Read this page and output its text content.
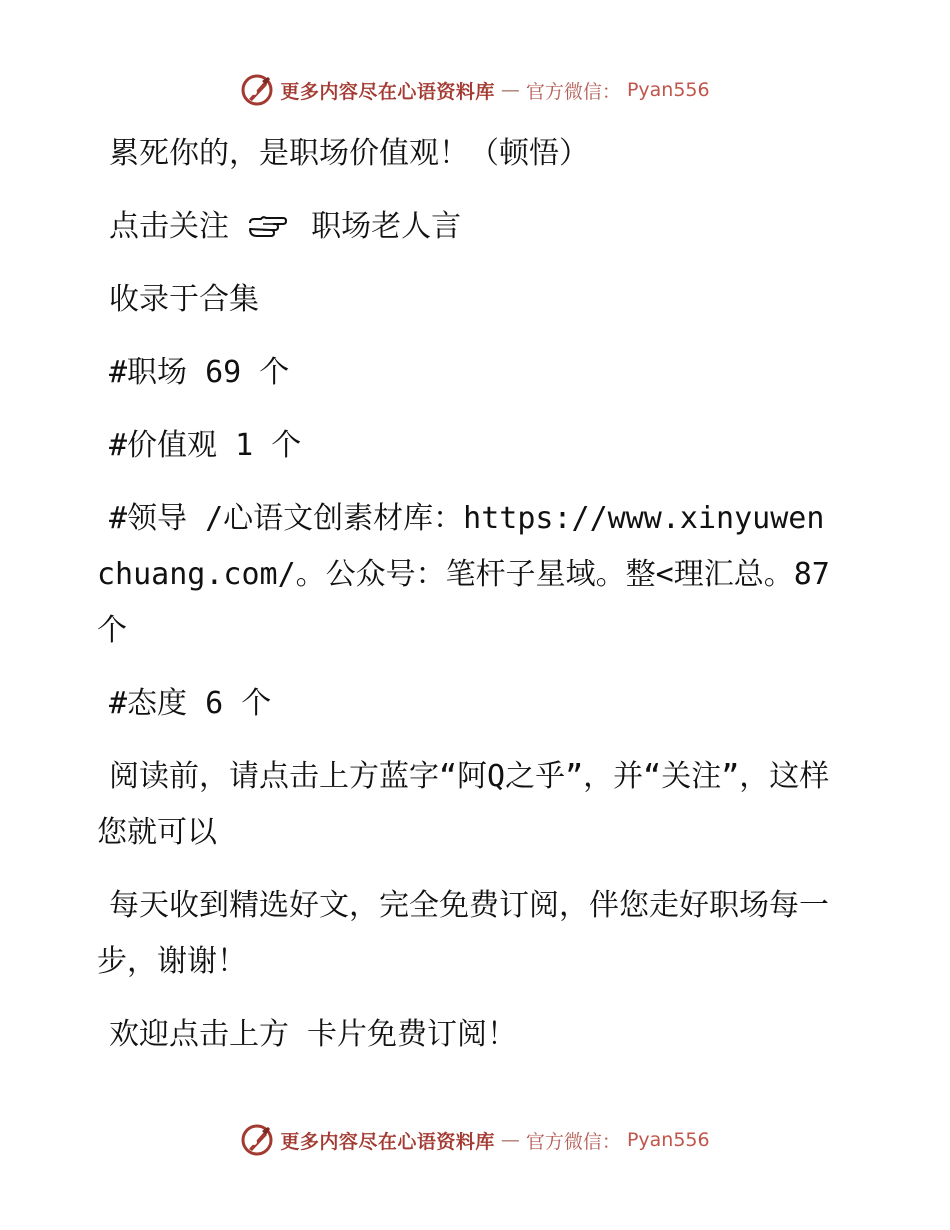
更多内容尽在心语资料库 — 官方微信： Pyan556

累死你的，是职场价值观！（顿悟）

点击关注	职场老人言

收录于合集

#职场 69 个

#价值观 1 个

#领导 /心语文创素材库：https://www.xinyuwenchuang.com/。公众号：笔杆子星域。整<理汇总。87 个

#态度 6 个

阅读前，请点击上方蓝字“阿Q之乎”，并“关注”，这样您就可以

每天收到精选好文，完全免费订阅，伴您走好职场每一步，谢谢！

欢迎点击上方 卡片免费订阅！

更多内容尽在心语资料库 — 官方微信： Pyan556
